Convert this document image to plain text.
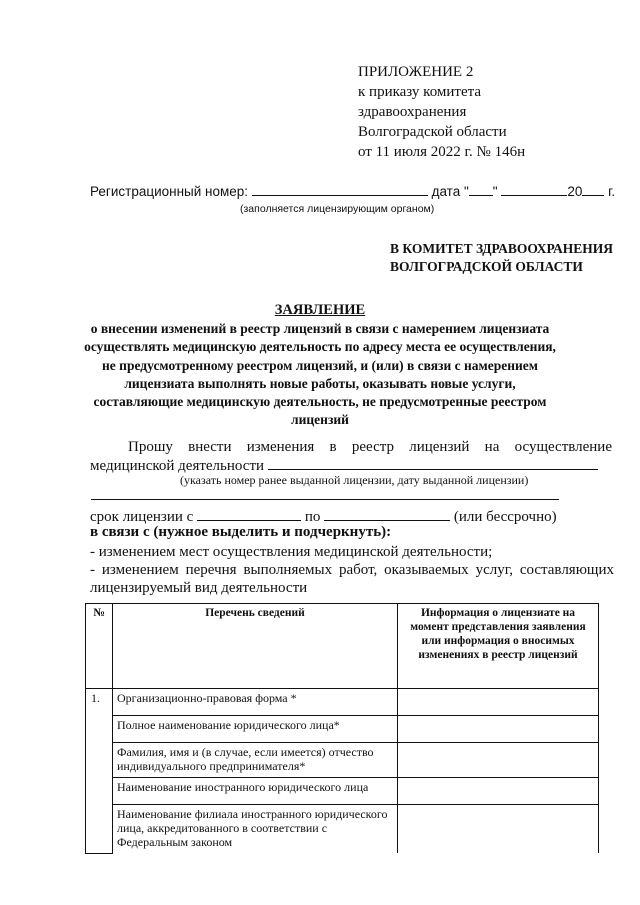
ПРИЛОЖЕНИЕ 2
к приказу комитета
здравоохранения
Волгоградской области
от 11 июля 2022 г. № 146н
Регистрационный номер:	дата " "	20 г.
(заполняется лицензирующим органом)
В КОМИТЕТ ЗДРАВООХРАНЕНИЯ
ВОЛГОГРАДСКОЙ ОБЛАСТИ
ЗАЯВЛЕНИЕ
о внесении изменений в реестр лицензий в связи с намерением лицензиата осуществлять медицинскую деятельность по адресу места ее осуществления, не предусмотренному реестром лицензий, и (или) в связи с намерением лицензиата выполнять новые работы, оказывать новые услуги, составляющие медицинскую деятельность, не предусмотренные реестром лицензий
Прошу внести изменения в реестр лицензий на осуществление медицинской деятельности
(указать номер ранее выданной лицензии, дату выданной лицензии)
срок лицензии с	по	(или бессрочно)
в связи с (нужное выделить и подчеркнуть):
- изменением мест осуществления медицинской деятельности;
- изменением перечня выполняемых работ, оказываемых услуг, составляющих лицензируемый вид деятельности
№	Перечень сведений	Информация о лицензиате на момент представления заявления или информация о вносимых изменениях в реестр лицензий
1.	Организационно-правовая форма *	
	Полное наименование юридического лица*	
	Фамилия, имя и (в случае, если имеется) отчество индивидуального предпринимателя*	
	Наименование иностранного юридического лица	
	Наименование филиала иностранного юридического лица, аккредитованного в соответствии с Федеральным законом	
